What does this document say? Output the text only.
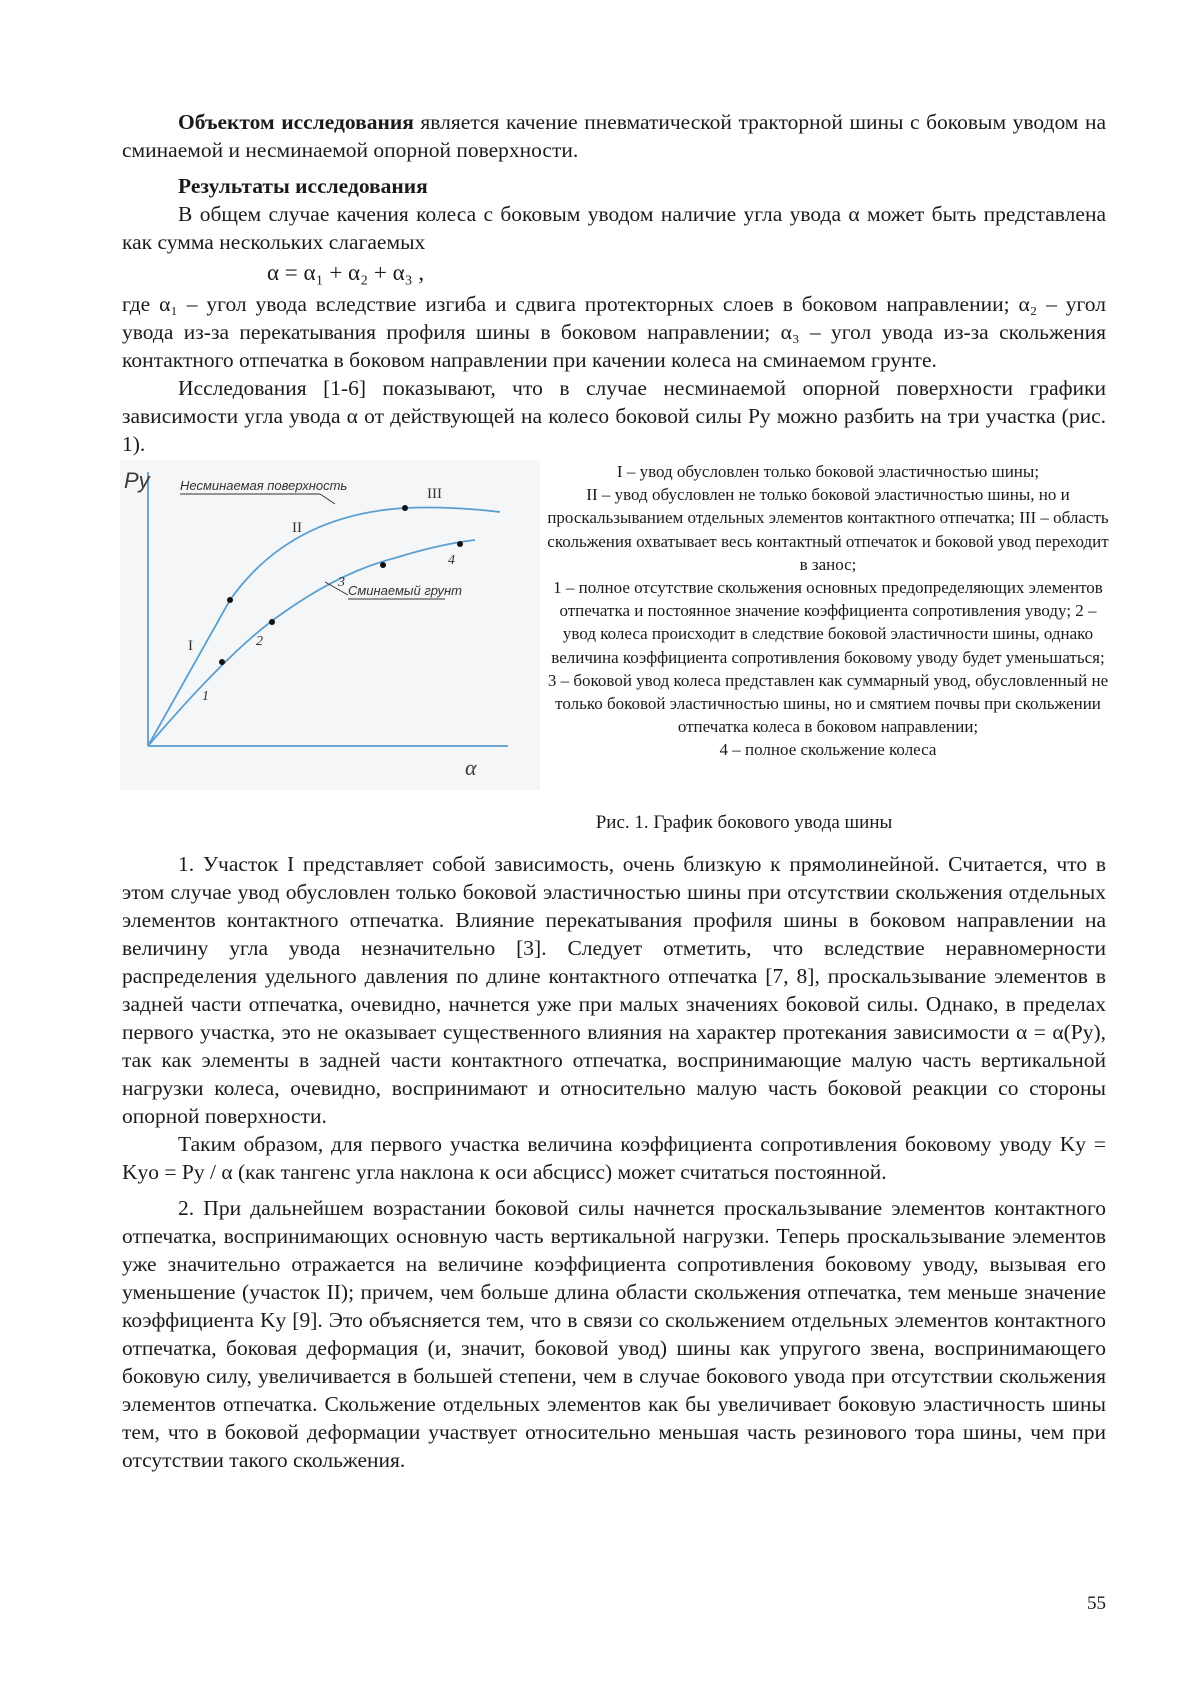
Объектом исследования является качение пневматической тракторной шины с боковым уводом на сминаемой и несминаемой опорной поверхности.

Результаты исследования

В общем случае качения колеса с боковым уводом наличие угла увода α может быть представлена как сумма нескольких слагаемых

α = α₁ + α₂ + α₃ ,

где α₁ – угол увода вследствие изгиба и сдвига протекторных слоев в боковом направлении; α₂ – угол увода из-за перекатывания профиля шины в боковом направлении; α₃ – угол увода из-за скольжения контактного отпечатка в боковом направлении при качении колеса на сминаемом грунте.

Исследования [1-6] показывают, что в случае несминаемой опорной поверхности графики зависимости угла увода α от действующей на колесо боковой силы Pу можно разбить на три участка (рис. 1).

Py
α
Несминаемая поверхность
Сминаемый грунт
I
II
III
1
2
3
4
I – увод обусловлен только боковой эластичностью шины;
II – увод обусловлен не только боковой эластичностью шины, но и проскальзыванием отдельных элементов контактного отпечатка; III – область скольжения охватывает весь контактный отпечаток и боковой увод переходит в занос;
1 – полное отсутствие скольжения основных предопределяющих элементов отпечатка и постоянное значение коэффициента сопротивления уводу; 2 – увод колеса происходит в следствие боковой эластичности шины, однако величина коэффициента сопротивления боковому уводу будет уменьшаться; 3 – боковой увод колеса представлен как суммарный увод, обусловленный не только боковой эластичностью шины, но и смятием почвы при скольжении отпечатка колеса в боковом направлении;
4 – полное скольжение колеса

Рис. 1. График бокового увода шины

1. Участок I представляет собой зависимость, очень близкую к прямолинейной. Считается, что в этом случае увод обусловлен только боковой эластичностью шины при отсутствии скольжения отдельных элементов контактного отпечатка. Влияние перекатывания профиля шины в боковом направлении на величину угла увода незначительно [3]. Следует отметить, что вследствие неравномерности распределения удельного давления по длине контактного отпечатка [7, 8], проскальзывание элементов в задней части отпечатка, очевидно, начнется уже при малых значениях боковой силы. Однако, в пределах первого участка, это не оказывает существенного влияния на характер протекания зависимости α = α(Py), так как элементы в задней части контактного отпечатка, воспринимающие малую часть вертикальной нагрузки колеса, очевидно, воспринимают и относительно малую часть боковой реакции со стороны опорной поверхности.

Таким образом, для первого участка величина коэффициента сопротивления боковому уводу Ky = Kyo = Py / α (как тангенс угла наклона к оси абсцисс) может считаться постоянной.

2. При дальнейшем возрастании боковой силы начнется проскальзывание элементов контактного отпечатка, воспринимающих основную часть вертикальной нагрузки. Теперь проскальзывание элементов уже значительно отражается на величине коэффициента сопротивления боковому уводу, вызывая его уменьшение (участок II); причем, чем больше длина области скольжения отпечатка, тем меньше значение коэффициента Ky [9]. Это объясняется тем, что в связи со скольжением отдельных элементов контактного отпечатка, боковая деформация (и, значит, боковой увод) шины как упругого звена, воспринимающего боковую силу, увеличивается в большей степени, чем в случае бокового увода при отсутствии скольжения элементов отпечатка. Скольжение отдельных элементов как бы увеличивает боковую эластичность шины тем, что в боковой деформации участвует относительно меньшая часть резинового тора шины, чем при отсутствии такого скольжения.

55
